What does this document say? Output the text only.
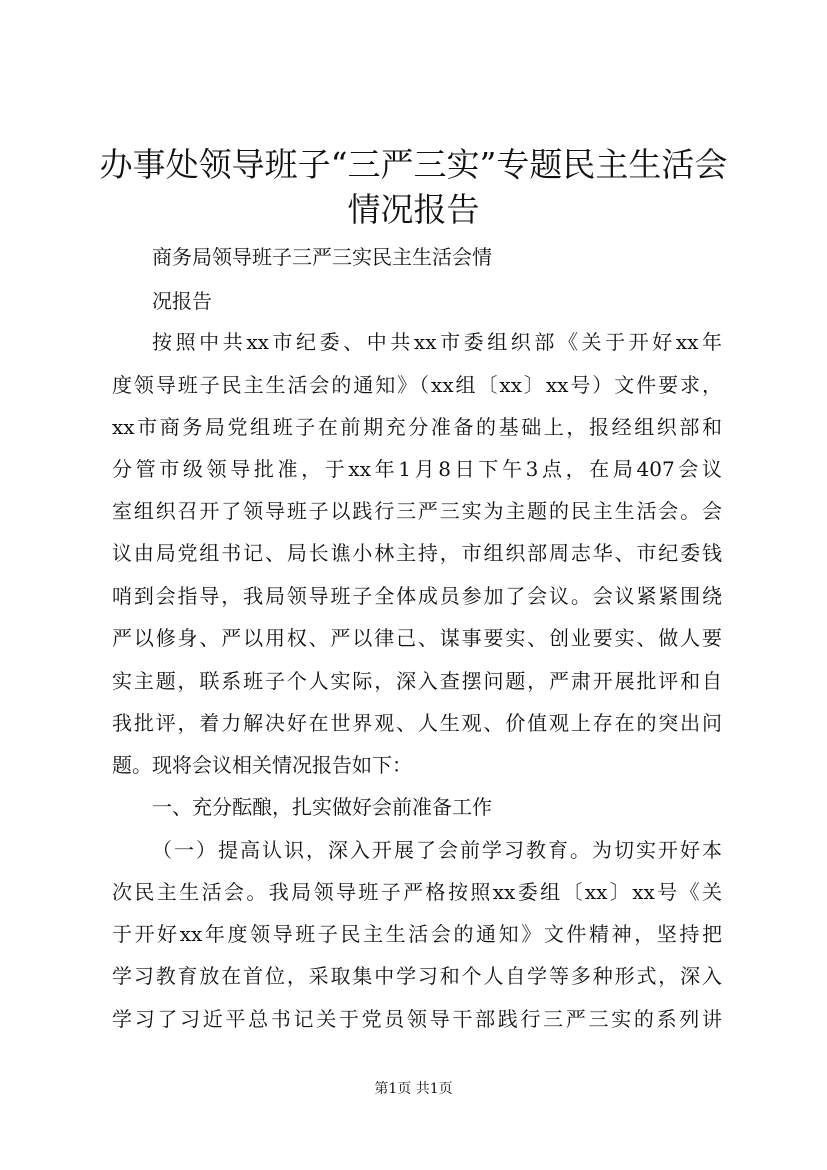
办事处领导班子“三严三实”专题民主生活会
情况报告

商务局领导班子三严三实民主生活会情

况报告

按照中共xx市纪委、中共xx市委组织部《关于开好xx年

度领导班子民主生活会的通知》（xx组〔xx〕xx号）文件要求，

xx市商务局党组班子在前期充分准备的基础上，报经组织部和

分管市级领导批准，于xx年1月8日下午3点，在局407会议

室组织召开了领导班子以践行三严三实为主题的民主生活会。会

议由局党组书记、局长谯小林主持，市组织部周志华、市纪委钱

哨到会指导，我局领导班子全体成员参加了会议。会议紧紧围绕

严以修身、严以用权、严以律己、谋事要实、创业要实、做人要

实主题，联系班子个人实际，深入查摆问题，严肃开展批评和自

我批评，着力解决好在世界观、人生观、价值观上存在的突出问

题。现将会议相关情况报告如下：

一、充分酝酿，扎实做好会前准备工作

（一）提高认识，深入开展了会前学习教育。为切实开好本

次民主生活会。我局领导班子严格按照xx委组〔xx〕xx号《关

于开好xx年度领导班子民主生活会的通知》文件精神，坚持把

学习教育放在首位，采取集中学习和个人自学等多种形式，深入

学习了习近平总书记关于党员领导干部践行三严三实的系列讲

第1页 共1页
